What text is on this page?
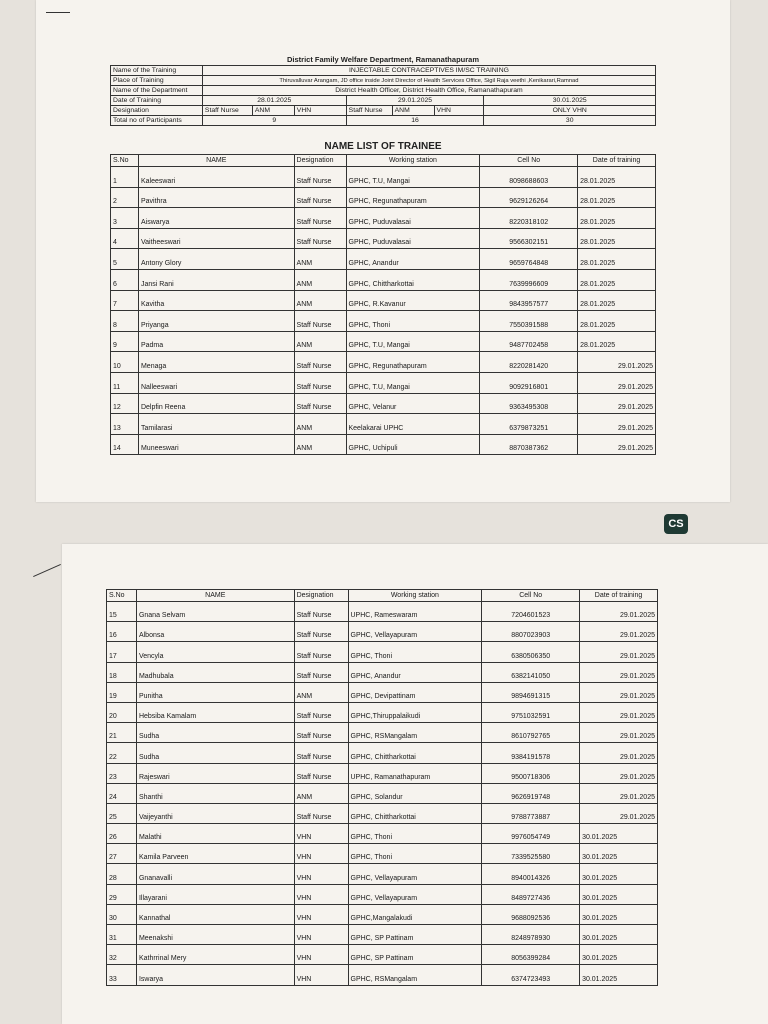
District Family Welfare Department, Ramanathapuram
Name of the Training	INJECTABLE CONTRACEPTIVES IM/SC TRAINING						
Place of Training	Thiruvalluvar Arangam, JD office inside Joint Director of Health Services Office, Sigil Raja veethi ,Kenikarari,Ramnad						
Name of the Department	District Health Officer, District Health Office, Ramanathapuram						
Date of Training	28.01.2025			29.01.2025			30.01.2025
Designation	Staff Nurse	ANM	VHN	Staff Nurse	ANM	VHN	ONLY VHN
Total no of Participants	9			16			30
NAME LIST OF TRAINEE
S.No	NAME	Designation	Working station	Cell No	Date of training
1	Kaleeswari	Staff Nurse	GPHC, T.U, Mangai	8098688603	28.01.2025
2	Pavithra	Staff Nurse	GPHC, Regunathapuram	9629126264	28.01.2025
3	Aiswarya	Staff Nurse	GPHC, Puduvalasai	8220318102	28.01.2025
4	Vaitheeswari	Staff Nurse	GPHC, Puduvalasai	9566302151	28.01.2025
5	Antony Glory	ANM	GPHC, Anandur	9659764848	28.01.2025
6	Jansi Rani	ANM	GPHC, Chittharkottai	7639996609	28.01.2025
7	Kavitha	ANM	GPHC, R.Kavanur	9843957577	28.01.2025
8	Priyanga	Staff Nurse	GPHC, Thoni	7550391588	28.01.2025
9	Padma	ANM	GPHC, T.U, Mangai	9487702458	28.01.2025
10	Menaga	Staff Nurse	GPHC, Regunathapuram	8220281420	29.01.2025
11	Nalleeswari	Staff Nurse	GPHC, T.U, Mangai	9092916801	29.01.2025
12	Delpfin Reena	Staff Nurse	GPHC, Velanur	9363495308	29.01.2025
13	Tamilarasi	ANM	Keelakarai UPHC	6379873251	29.01.2025
14	Muneeswari	ANM	GPHC, Uchipuli	8870387362	29.01.2025
CS
S.No	NAME	Designation	Working station	Cell No	Date of training
15	Gnana Selvam	Staff Nurse	UPHC, Rameswaram	7204601523	29.01.2025
16	Albonsa	Staff Nurse	GPHC, Vellayapuram	8807023903	29.01.2025
17	Vencyla	Staff Nurse	GPHC, Thoni	6380506350	29.01.2025
18	Madhubala	Staff Nurse	GPHC, Anandur	6382141050	29.01.2025
19	Punitha	ANM	GPHC, Devipattinam	9894691315	29.01.2025
20	Hebsiba Kamalam	Staff Nurse	GPHC,Thiruppalaikudi	9751032591	29.01.2025
21	Sudha	Staff Nurse	GPHC, RSMangalam	8610792765	29.01.2025
22	Sudha	Staff Nurse	GPHC, Chittharkottai	9384191578	29.01.2025
23	Rajeswari	Staff Nurse	UPHC, Ramanathapuram	9500718306	29.01.2025
24	Shanthi	ANM	GPHC, Solandur	9626919748	29.01.2025
25	Vaijeyanthi	Staff Nurse	GPHC, Chittharkottai	9788773887	29.01.2025
26	Malathi	VHN	GPHC, Thoni	9976054749	30.01.2025
27	Kamila Parveen	VHN	GPHC, Thoni	7339525580	30.01.2025
28	Gnanavalli	VHN	GPHC, Vellayapuram	8940014326	30.01.2025
29	Illayarani	VHN	GPHC, Vellayapuram	8489727436	30.01.2025
30	Kannathal	VHN	GPHC,Mangalakudi	9688092536	30.01.2025
31	Meenakshi	VHN	GPHC, SP Pattinam	8248978930	30.01.2025
32	Kathrrinal Mery	VHN	GPHC, SP Pattinam	8056399284	30.01.2025
33	Iswarya	VHN	GPHC, RSMangalam	6374723493	30.01.2025
